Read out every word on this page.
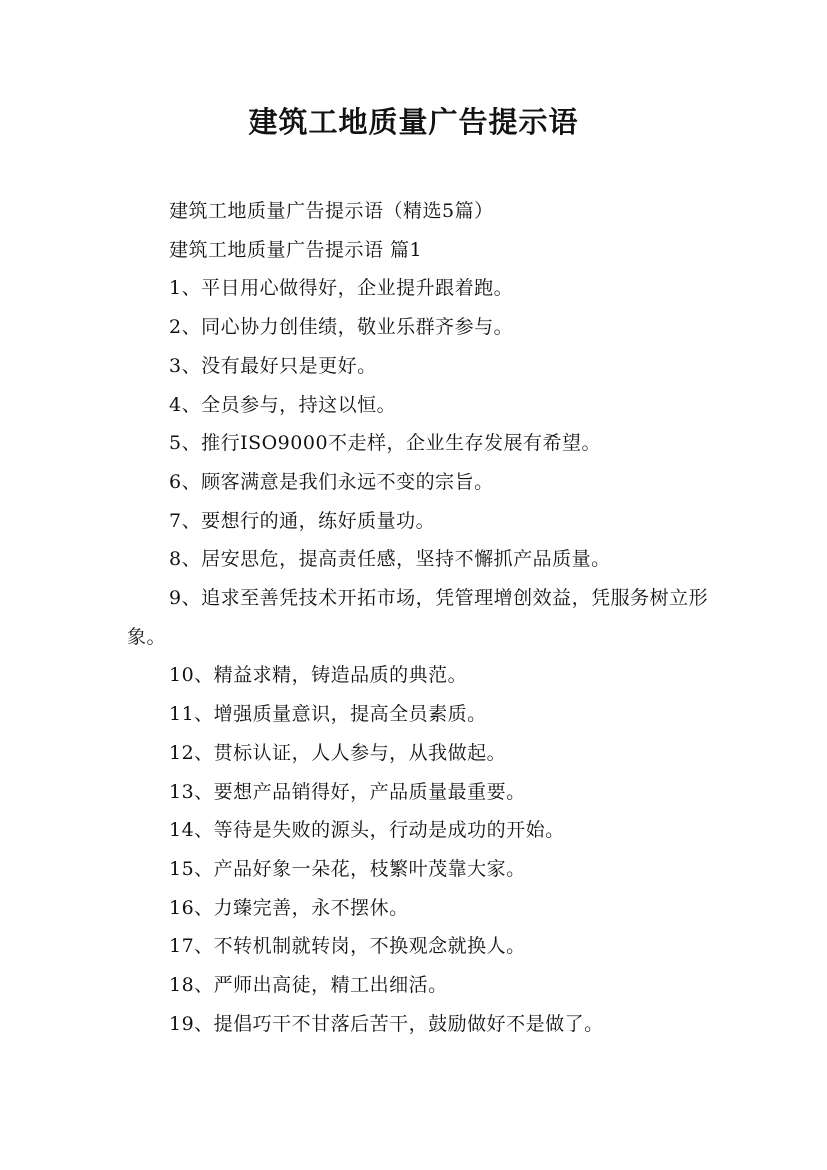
建筑工地质量广告提示语

建筑工地质量广告提示语（精选5篇）

建筑工地质量广告提示语 篇1

1、平日用心做得好，企业提升跟着跑。

2、同心协力创佳绩，敬业乐群齐参与。

3、没有最好只是更好。

4、全员参与，持这以恒。

5、推行ISO9000不走样，企业生存发展有希望。

6、顾客满意是我们永远不变的宗旨。

7、要想行的通，练好质量功。

8、居安思危，提高责任感，坚持不懈抓产品质量。

9、追求至善凭技术开拓市场，凭管理增创效益，凭服务树立形象。

10、精益求精，铸造品质的典范。

11、增强质量意识，提高全员素质。

12、贯标认证，人人参与，从我做起。

13、要想产品销得好，产品质量最重要。

14、等待是失败的源头，行动是成功的开始。

15、产品好象一朵花，枝繁叶茂靠大家。

16、力臻完善，永不摆休。

17、不转机制就转岗，不换观念就换人。

18、严师出高徒，精工出细活。

19、提倡巧干不甘落后苦干，鼓励做好不是做了。
